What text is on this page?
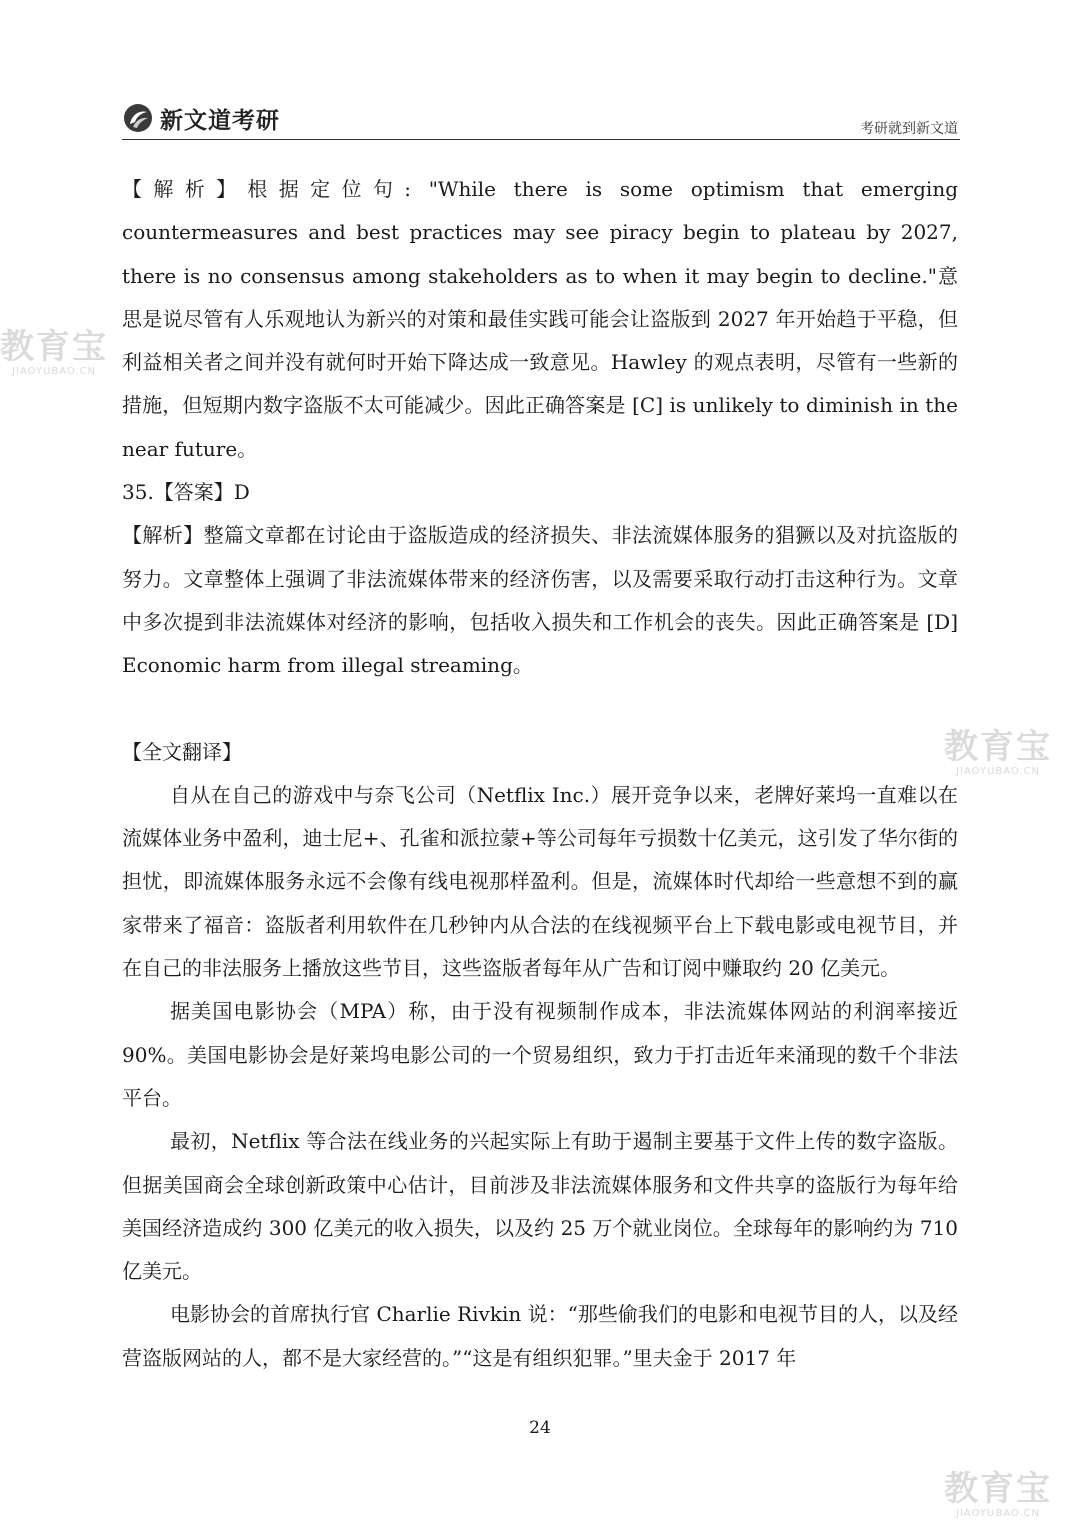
新文道考研	考研就到新文道
教育宝
JIAOYUBAO.CN
教育宝
JIAOYUBAO.CN
教育宝
JIAOYUBAO.CN

【解析】根据定位句: "While there is some optimism that emerging countermeasures and best practices may see piracy begin to plateau by 2027, there is no consensus among stakeholders as to when it may begin to decline."意思是说尽管有人乐观地认为新兴的对策和最佳实践可能会让盗版到 2027 年开始趋于平稳，但利益相关者之间并没有就何时开始下降达成一致意见。Hawley 的观点表明，尽管有一些新的措施，但短期内数字盗版不太可能减少。因此正确答案是 [C] is unlikely to diminish in the near future。

35.【答案】D

【解析】整篇文章都在讨论由于盗版造成的经济损失、非法流媒体服务的猖獗以及对抗盗版的努力。文章整体上强调了非法流媒体带来的经济伤害，以及需要采取行动打击这种行为。文章中多次提到非法流媒体对经济的影响，包括收入损失和工作机会的丧失。因此正确答案是 [D] Economic harm from illegal streaming。

【全文翻译】

自从在自己的游戏中与奈飞公司（Netflix Inc.）展开竞争以来，老牌好莱坞一直难以在流媒体业务中盈利，迪士尼+、孔雀和派拉蒙+等公司每年亏损数十亿美元，这引发了华尔街的担忧，即流媒体服务永远不会像有线电视那样盈利。但是，流媒体时代却给一些意想不到的赢家带来了福音：盗版者利用软件在几秒钟内从合法的在线视频平台上下载电影或电视节目，并在自己的非法服务上播放这些节目，这些盗版者每年从广告和订阅中赚取约 20 亿美元。

据美国电影协会（MPA）称，由于没有视频制作成本，非法流媒体网站的利润率接近 90%。美国电影协会是好莱坞电影公司的一个贸易组织，致力于打击近年来涌现的数千个非法平台。

最初，Netflix 等合法在线业务的兴起实际上有助于遏制主要基于文件上传的数字盗版。但据美国商会全球创新政策中心估计，目前涉及非法流媒体服务和文件共享的盗版行为每年给美国经济造成约 300 亿美元的收入损失，以及约 25 万个就业岗位。全球每年的影响约为 710 亿美元。

电影协会的首席执行官 Charlie Rivkin 说：“那些偷我们的电影和电视节目的人，以及经营盗版网站的人，都不是大家经营的。”“这是有组织犯罪。”里夫金于 2017 年

24
